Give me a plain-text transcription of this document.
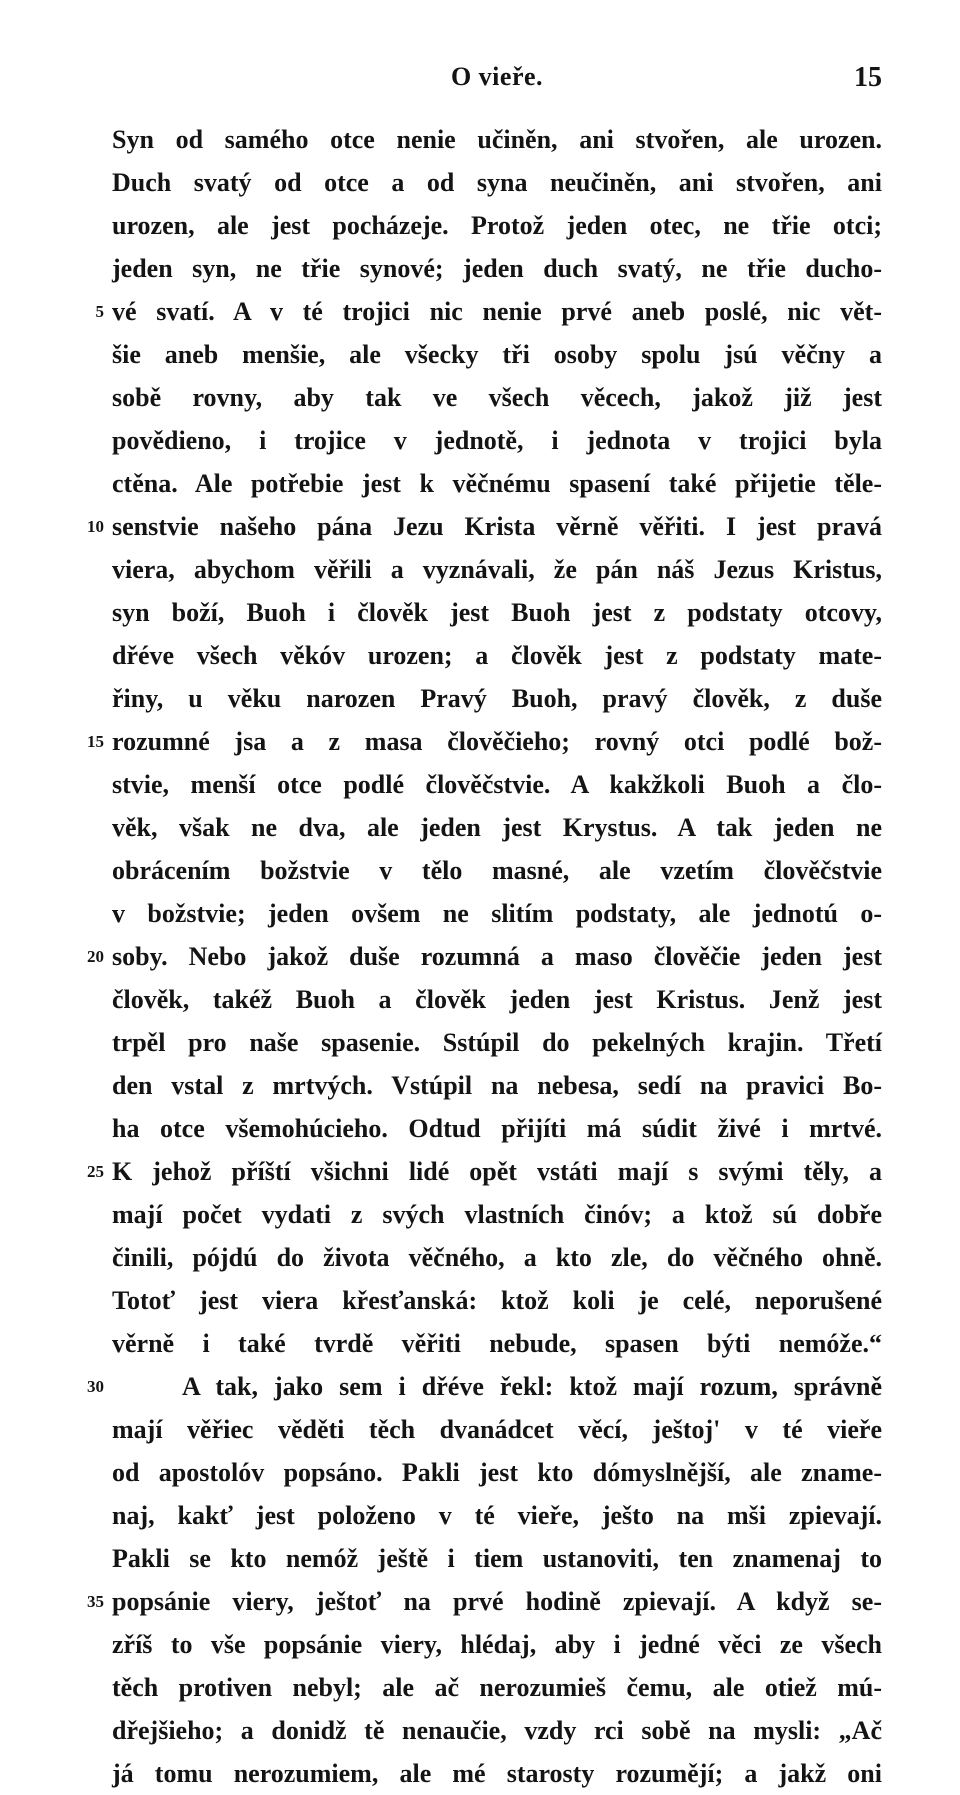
O vieře.	15
Syn od samého otce nenie učiněn, ani stvořen, ale urozen.
Duch svatý od otce a od syna neučiněn, ani stvořen, ani
urozen, ale jest pocházeje. Protož jeden otec, ne třie otci;
jeden syn, ne třie synové; jeden duch svatý, ne třie ducho-
5 vé svatí. A v té trojici nic nenie prvé aneb poslé, nic vět-
šie aneb menšie, ale všecky tři osoby spolu jsú věčny a
sobě rovny, aby tak ve všech věcech, jakož již jest
povědieno, i trojice v jednotě, i jednota v trojici byla
ctěna. Ale potřebie jest k věčnému spasení také přijetie těle-
10 senstvie našeho pána Jezu Krista věrně věřiti. I jest pravá
viera, abychom věřili a vyznávali, že pán náš Jezus Kristus,
syn boží, Buoh i člověk jest Buoh jest z podstaty otcovy,
dřéve všech věkóv urozen; a člověk jest z podstaty mate-
řiny, u věku narozen Pravý Buoh, pravý člověk, z duše
15 rozumné jsa a z masa člověčieho; rovný otci podlé bož-
stvie, menší otce podlé člověčstvie. A kakžkoli Buoh a člo-
věk, však ne dva, ale jeden jest Krystus. A tak jeden ne
obrácením božstvie v tělo masné, ale vzetím člověčstvie
v božstvie; jeden ovšem ne slitím podstaty, ale jednotú o-
20 soby. Nebo jakož duše rozumná a maso člověčie jeden jest
člověk, takéž Buoh a člověk jeden jest Kristus. Jenž jest
trpěl pro naše spasenie. Sstúpil do pekelných krajin. Třetí
den vstal z mrtvých. Vstúpil na nebesa, sedí na pravici Bo-
ha otce všemohúcieho. Odtud přijíti má súdit živé i mrtvé.
25 K jehož příští všichni lidé opět vstáti mají s svými těly, a
mají počet vydati z svých vlastních činóv; a ktož sú dobře
činili, pójdú do života věčného, a kto zle, do věčného ohně.
Totoť jest viera křesťanská: ktož koli je celé, neporušené
věrně i také tvrdě věřiti nebude, spasen býti nemóže.“
30	A tak, jako sem i dřéve řekl: ktož mají rozum, správně
mají věřiec věděti těch dvanádcet věcí, ještoj' v té vieře
od apostolóv popsáno. Pakli jest kto dómyslnější, ale zname-
naj, kakť jest položeno v té vieře, ješto na mši zpievají.
Pakli se kto nemóž ještě i tiem ustanoviti, ten znamenaj to
35 popsánie viery, ještoť na prvé hodině zpievají. A když se-
zříš to vše popsánie viery, hlédaj, aby i jedné věci ze všech
těch protiven nebyl; ale ač nerozumieš čemu, ale otiež mú-
dřejšieho; a donidž tě nenaučie, vzdy rci sobě na mysli: „Ač
já tomu nerozumiem, ale mé starosty rozumějí; a jakž oni
